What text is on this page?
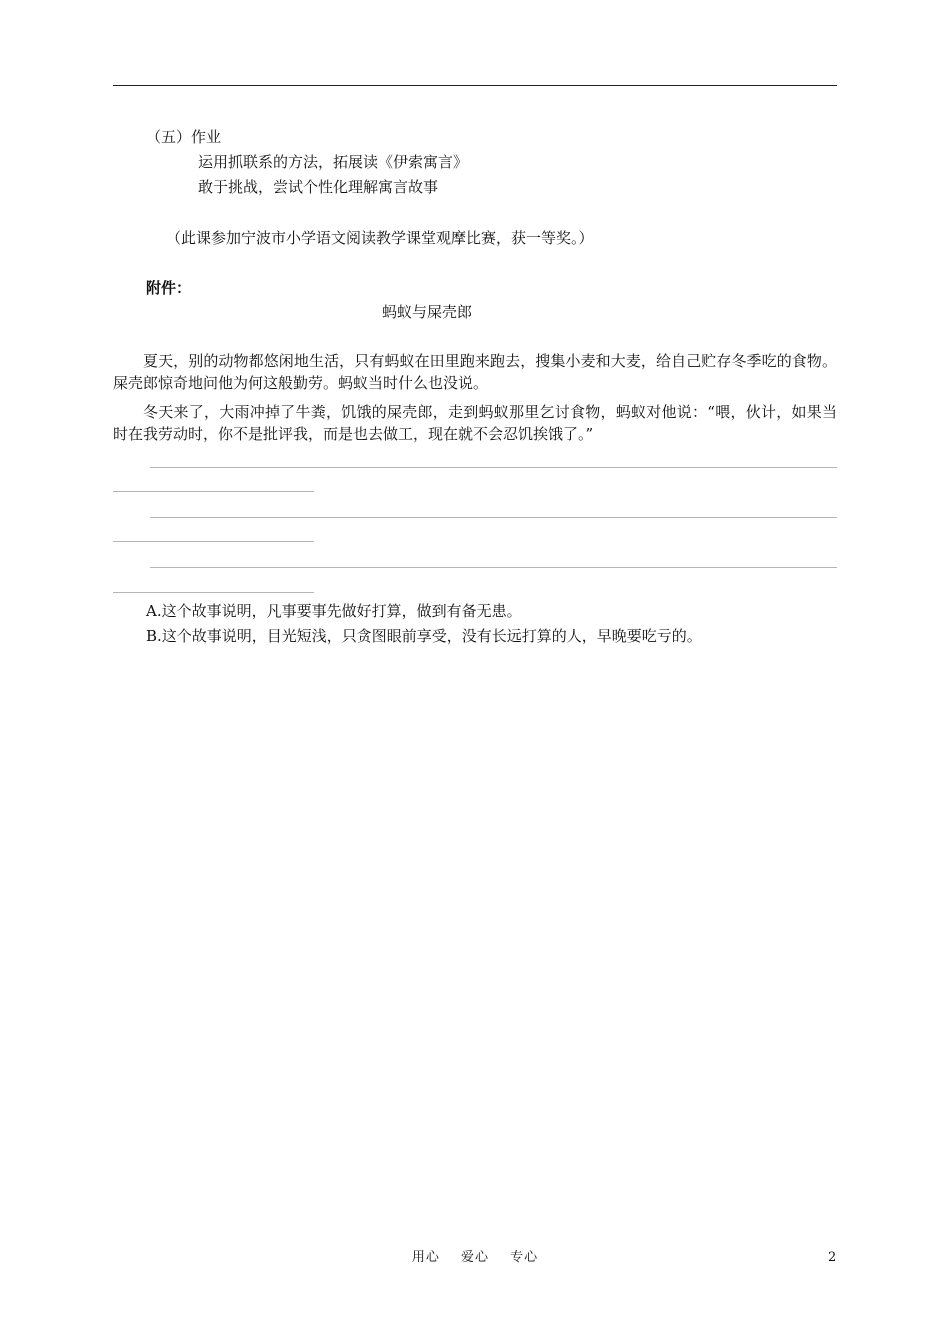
（五）作业
运用抓联系的方法，拓展读《伊索寓言》
敢于挑战，尝试个性化理解寓言故事
（此课参加宁波市小学语文阅读教学课堂观摩比赛，获一等奖。）
附件：
蚂蚁与屎壳郎
夏天，别的动物都悠闲地生活，只有蚂蚁在田里跑来跑去，搜集小麦和大麦，给自己贮存冬季吃的食物。屎壳郎惊奇地问他为何这般勤劳。蚂蚁当时什么也没说。
冬天来了，大雨冲掉了牛粪，饥饿的屎壳郎，走到蚂蚁那里乞讨食物，蚂蚁对他说：“喂，伙计，如果当时在我劳动时，你不是批评我，而是也去做工，现在就不会忍饥挨饿了。”
A.这个故事说明，凡事要事先做好打算，做到有备无患。
B.这个故事说明，目光短浅，只贪图眼前享受，没有长远打算的人，早晚要吃亏的。
用心 爱心 专心	2
